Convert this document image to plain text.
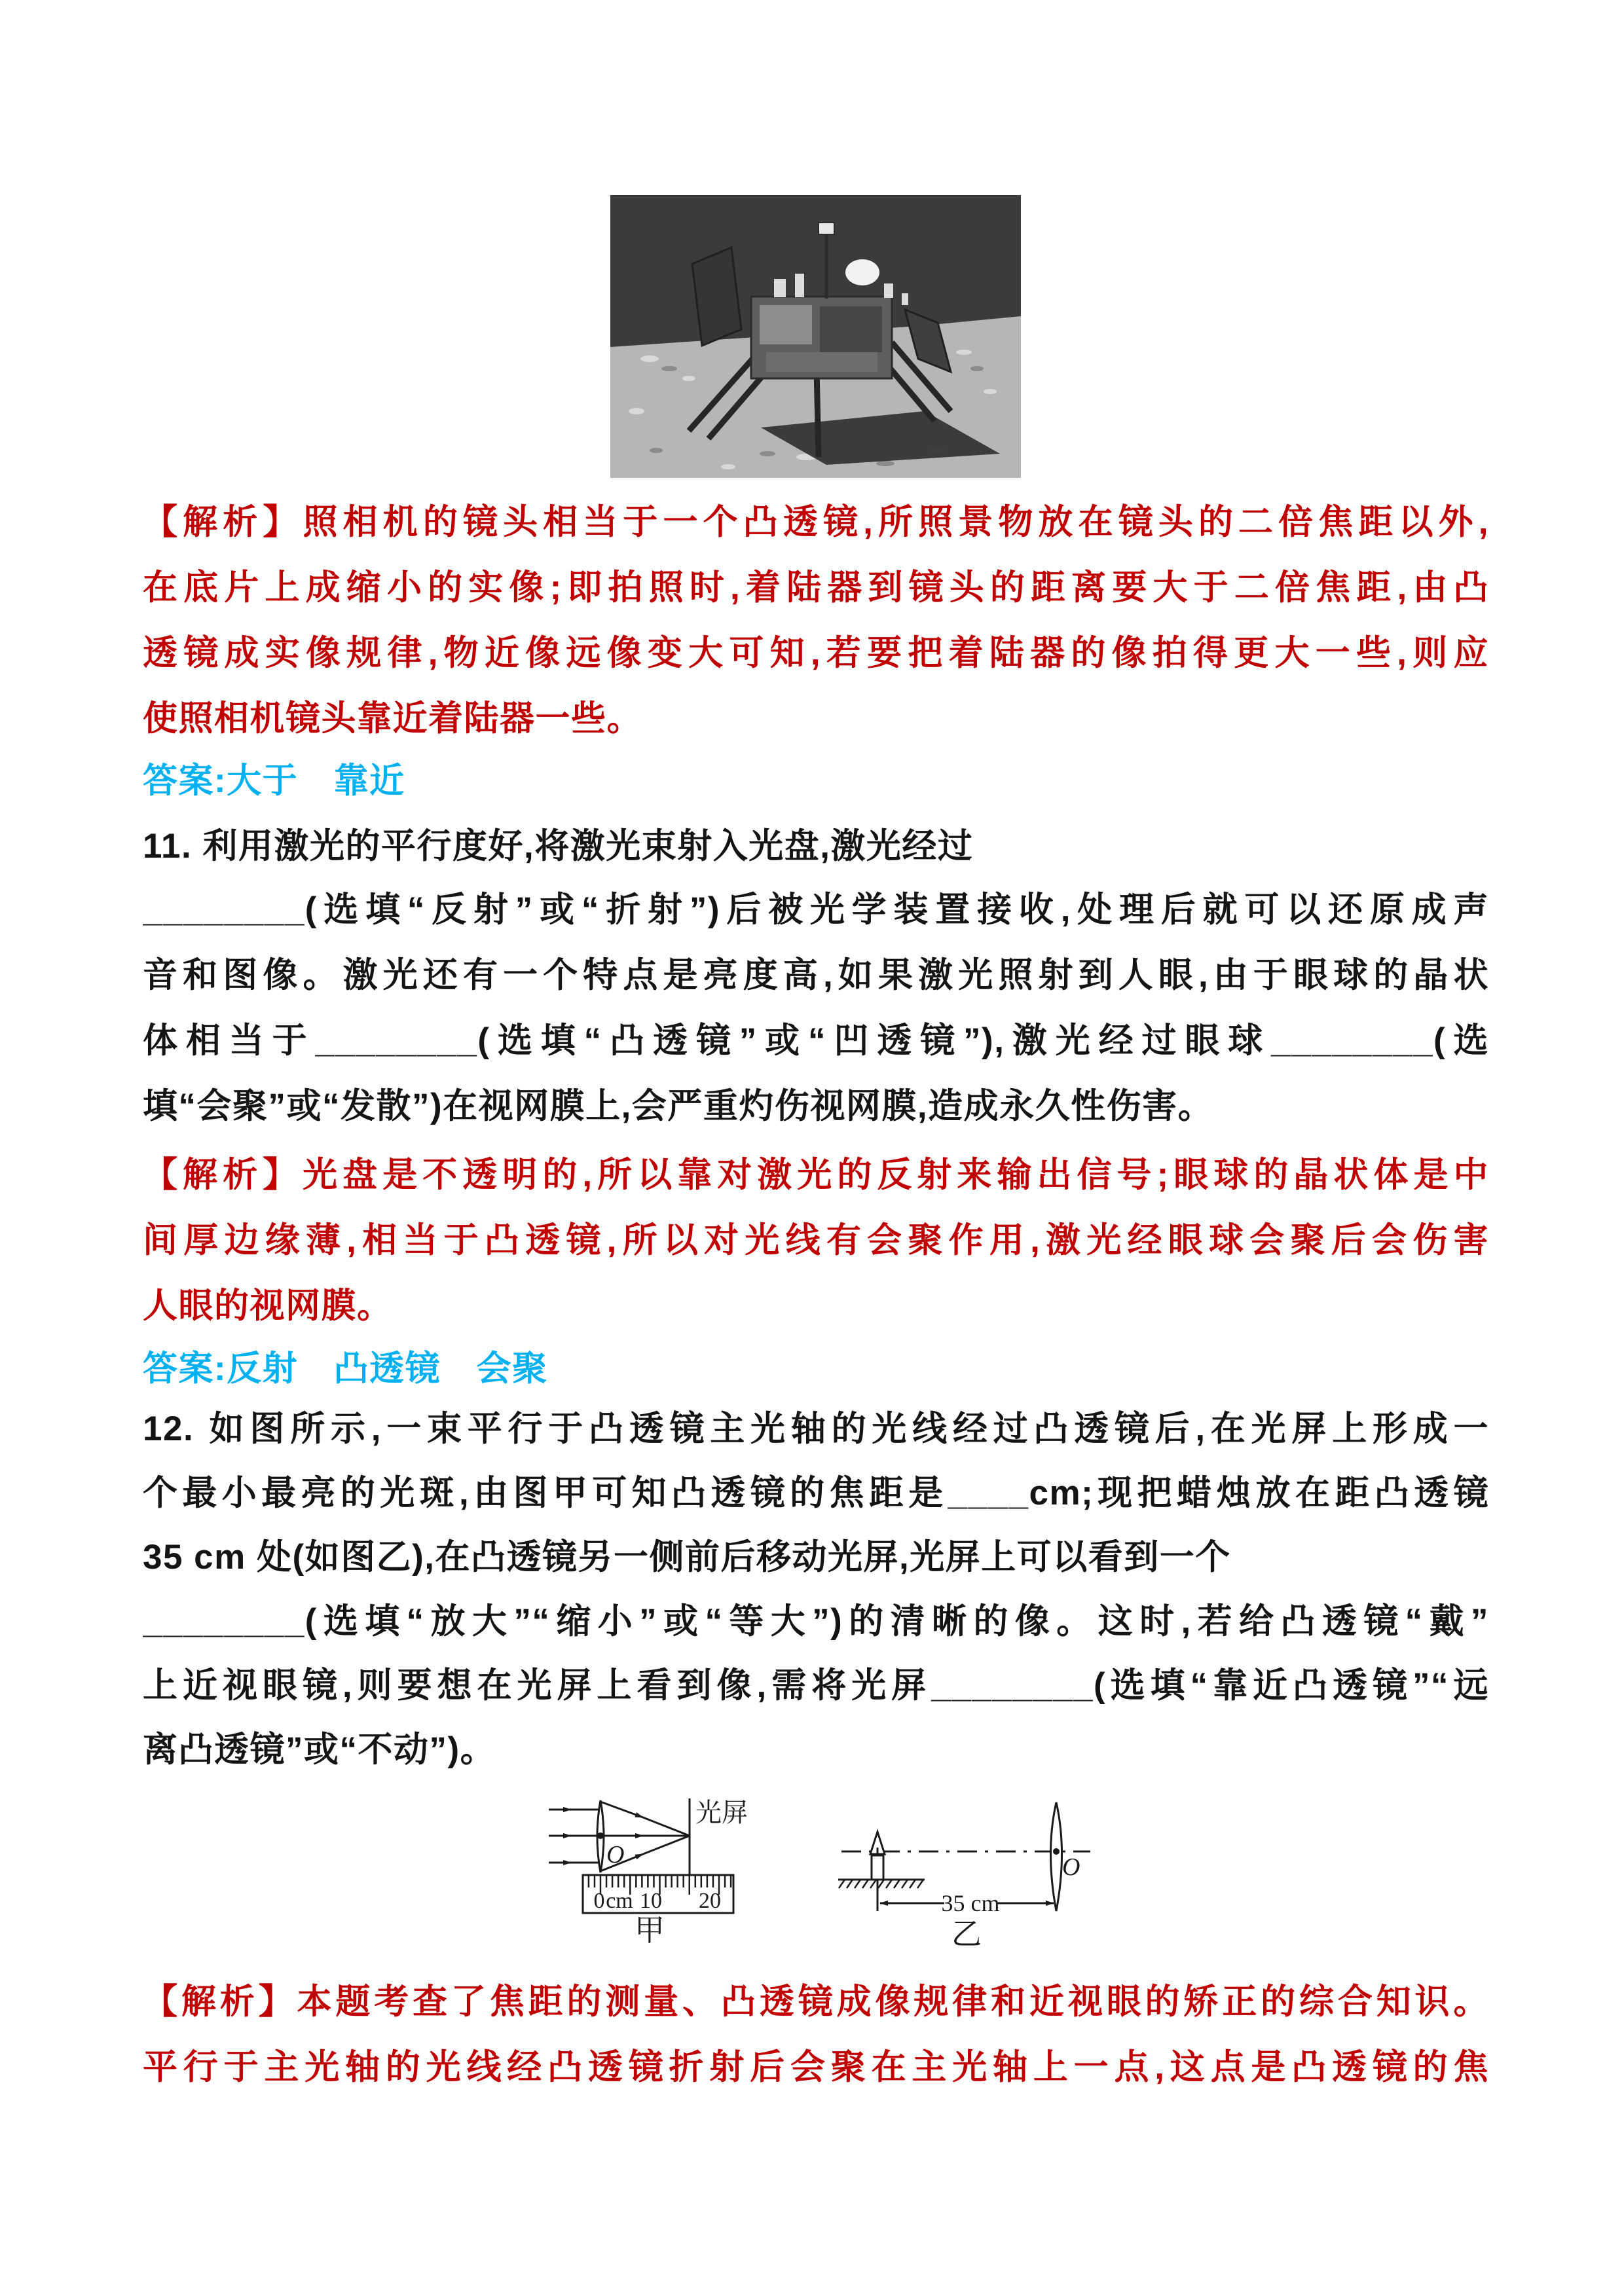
【解析】照相机的镜头相当于一个凸透镜,所照景物放在镜头的二倍焦距以外,
在底片上成缩小的实像;即拍照时,着陆器到镜头的距离要大于二倍焦距,由凸
透镜成实像规律,物近像远像变大可知,若要把着陆器的像拍得更大一些,则应
使照相机镜头靠近着陆器一些。
答案:大于　靠近
11. 利用激光的平行度好,将激光束射入光盘,激光经过
________(选填“反射”或“折射”)后被光学装置接收,处理后就可以还原成声
音和图像。激光还有一个特点是亮度高,如果激光照射到人眼,由于眼球的晶状
体相当于________(选填“凸透镜”或“凹透镜”),激光经过眼球________(选
填“会聚”或“发散”)在视网膜上,会严重灼伤视网膜,造成永久性伤害。
【解析】光盘是不透明的,所以靠对激光的反射来输出信号;眼球的晶状体是中
间厚边缘薄,相当于凸透镜,所以对光线有会聚作用,激光经眼球会聚后会伤害
人眼的视网膜。
答案:反射　凸透镜　会聚
12. 如图所示,一束平行于凸透镜主光轴的光线经过凸透镜后,在光屏上形成一
个最小最亮的光斑,由图甲可知凸透镜的焦距是____cm;现把蜡烛放在距凸透镜
35 cm 处(如图乙),在凸透镜另一侧前后移动光屏,光屏上可以看到一个
________(选填“放大”“缩小”或“等大”)的清晰的像。这时,若给凸透镜“戴”
上近视眼镜,则要想在光屏上看到像,需将光屏________(选填“靠近凸透镜”“远
离凸透镜”或“不动”)。
【解析】本题考查了焦距的测量、凸透镜成像规律和近视眼的矫正的综合知识。
平行于主光轴的光线经凸透镜折射后会聚在主光轴上一点,这点是凸透镜的焦
光屏
O
0 cm 10 20
甲
35 cm
O
乙
